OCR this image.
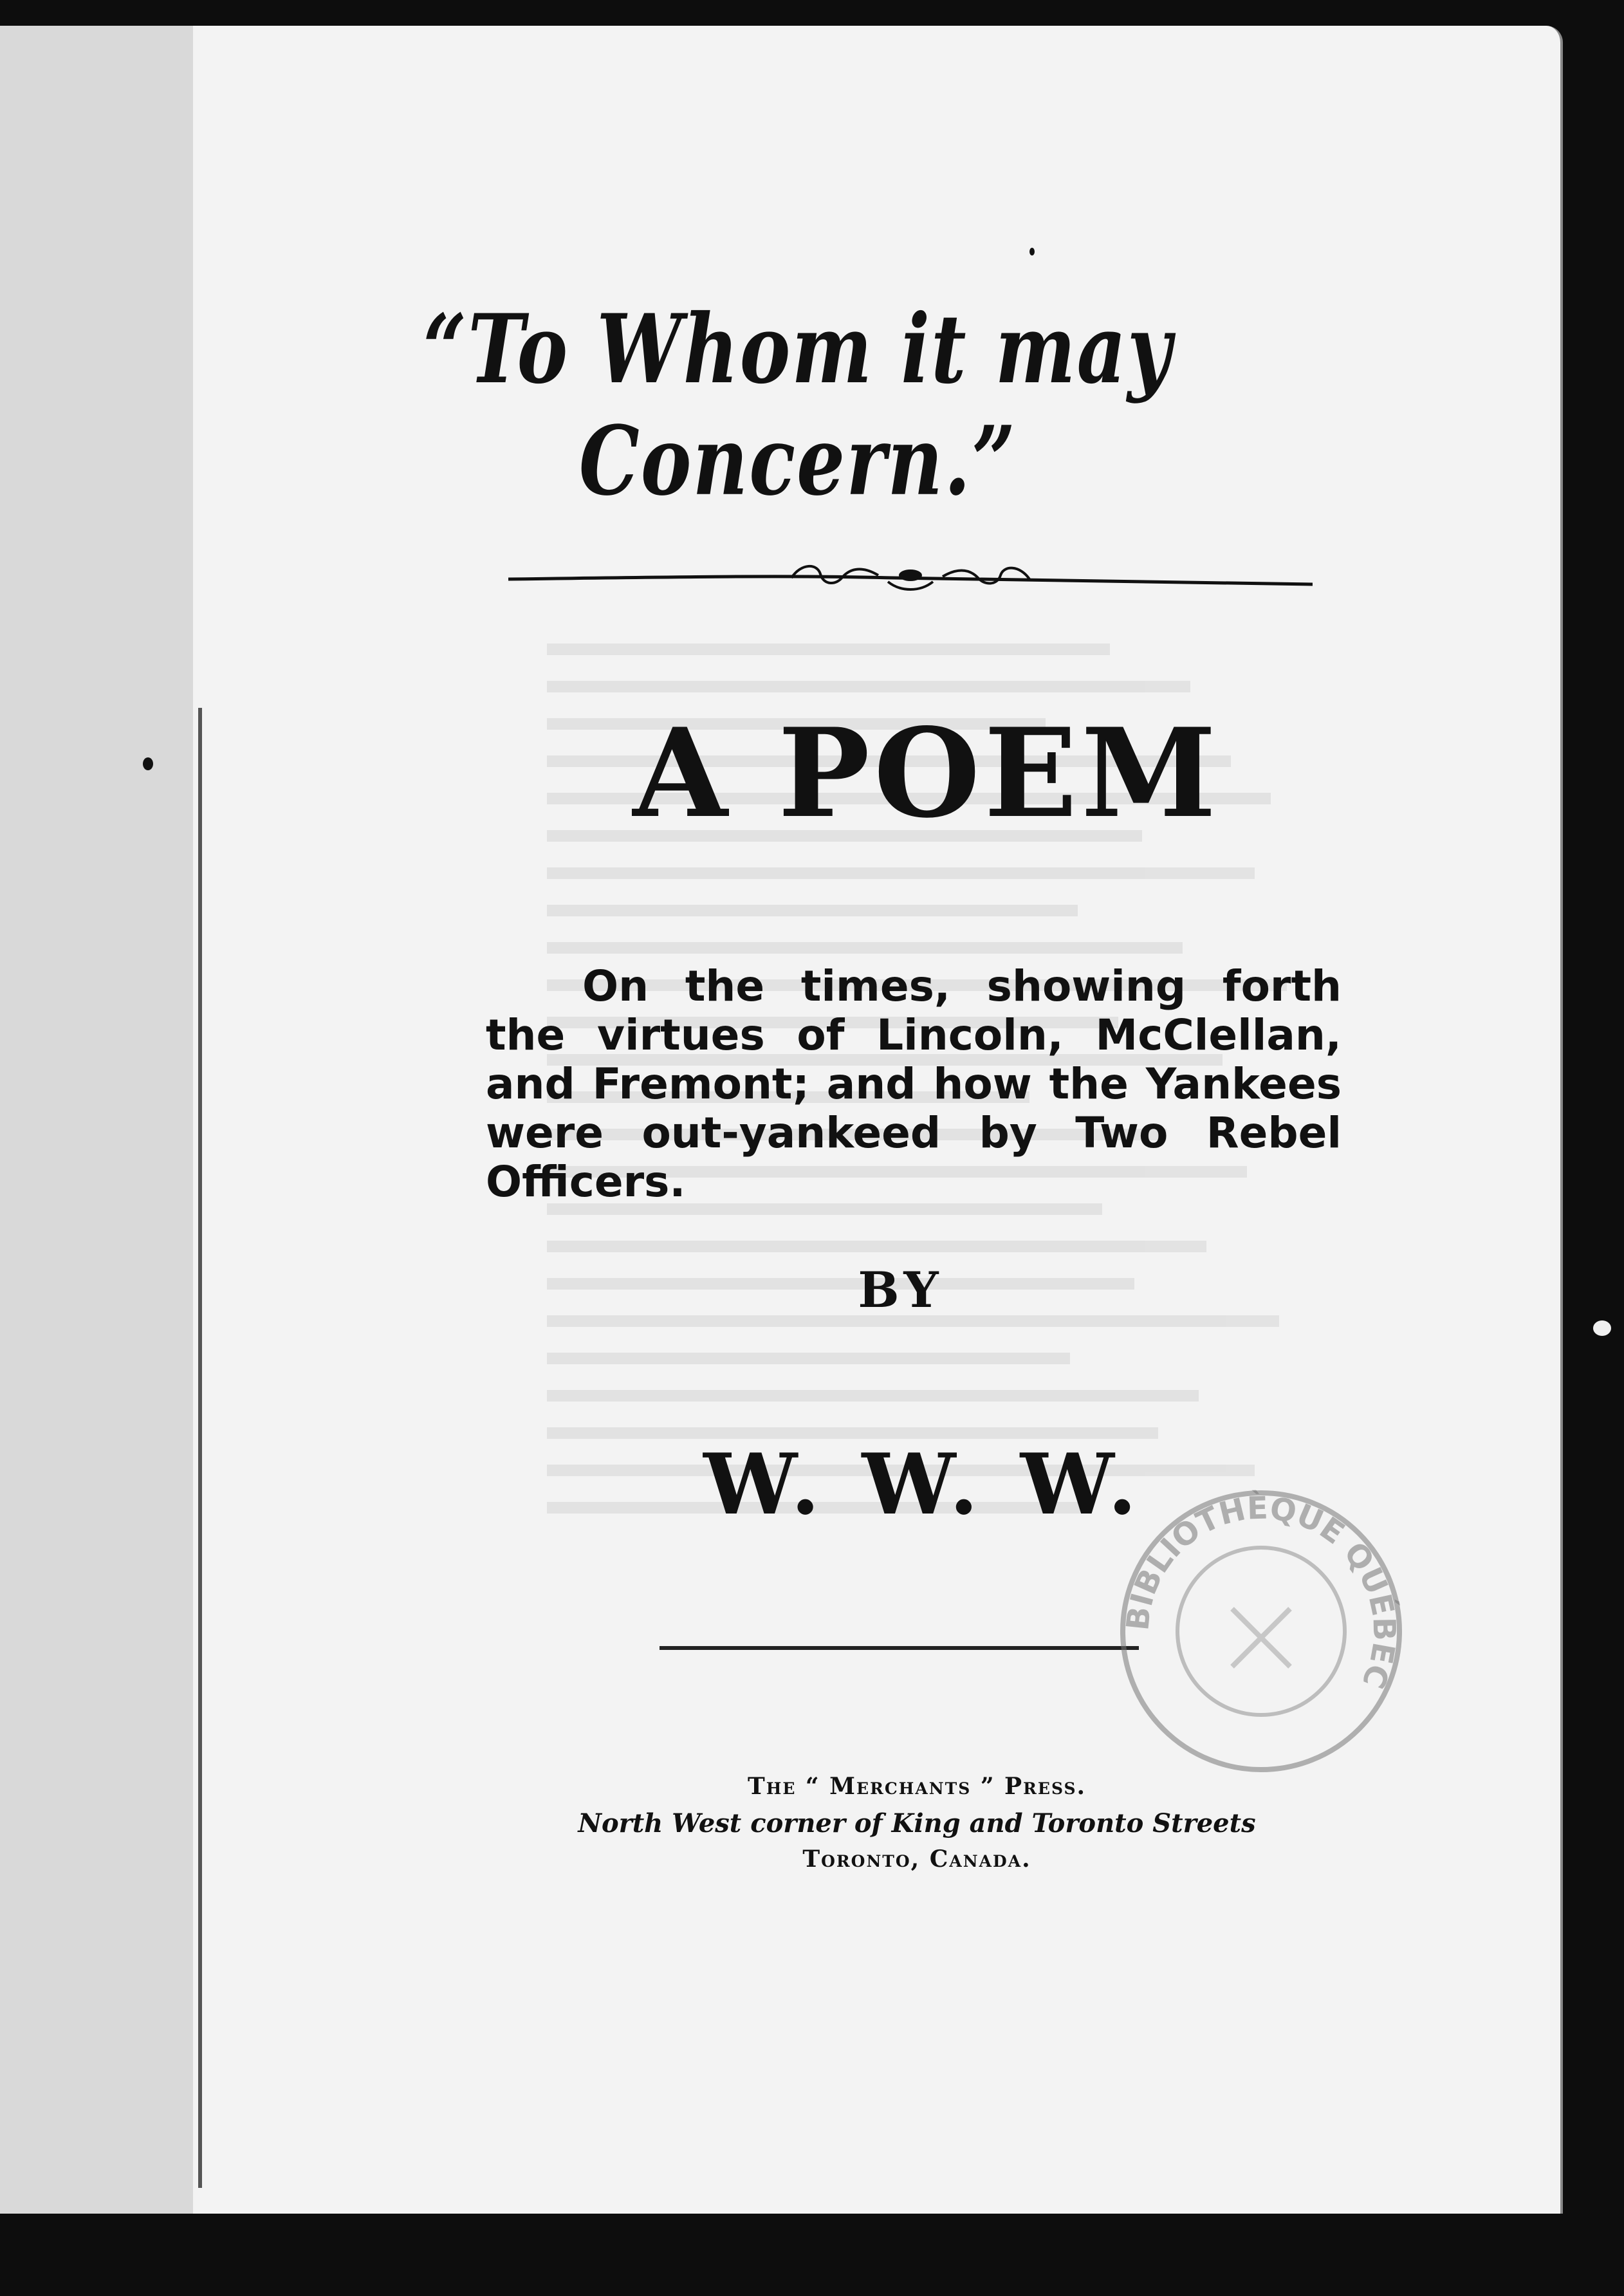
“To Whom it may Concern.”
A POEM
On the times, showing forth the virtues of Lincoln, McClellan, and Fremont; and how the Yankees were out-yankeed by Two Rebel Officers.
BY
W. W. W.
The “ Merchants ” Press.
North West corner of King and Toronto Streets
Toronto, Canada.
BIBLIOTHÈQUE QUÉBEC
